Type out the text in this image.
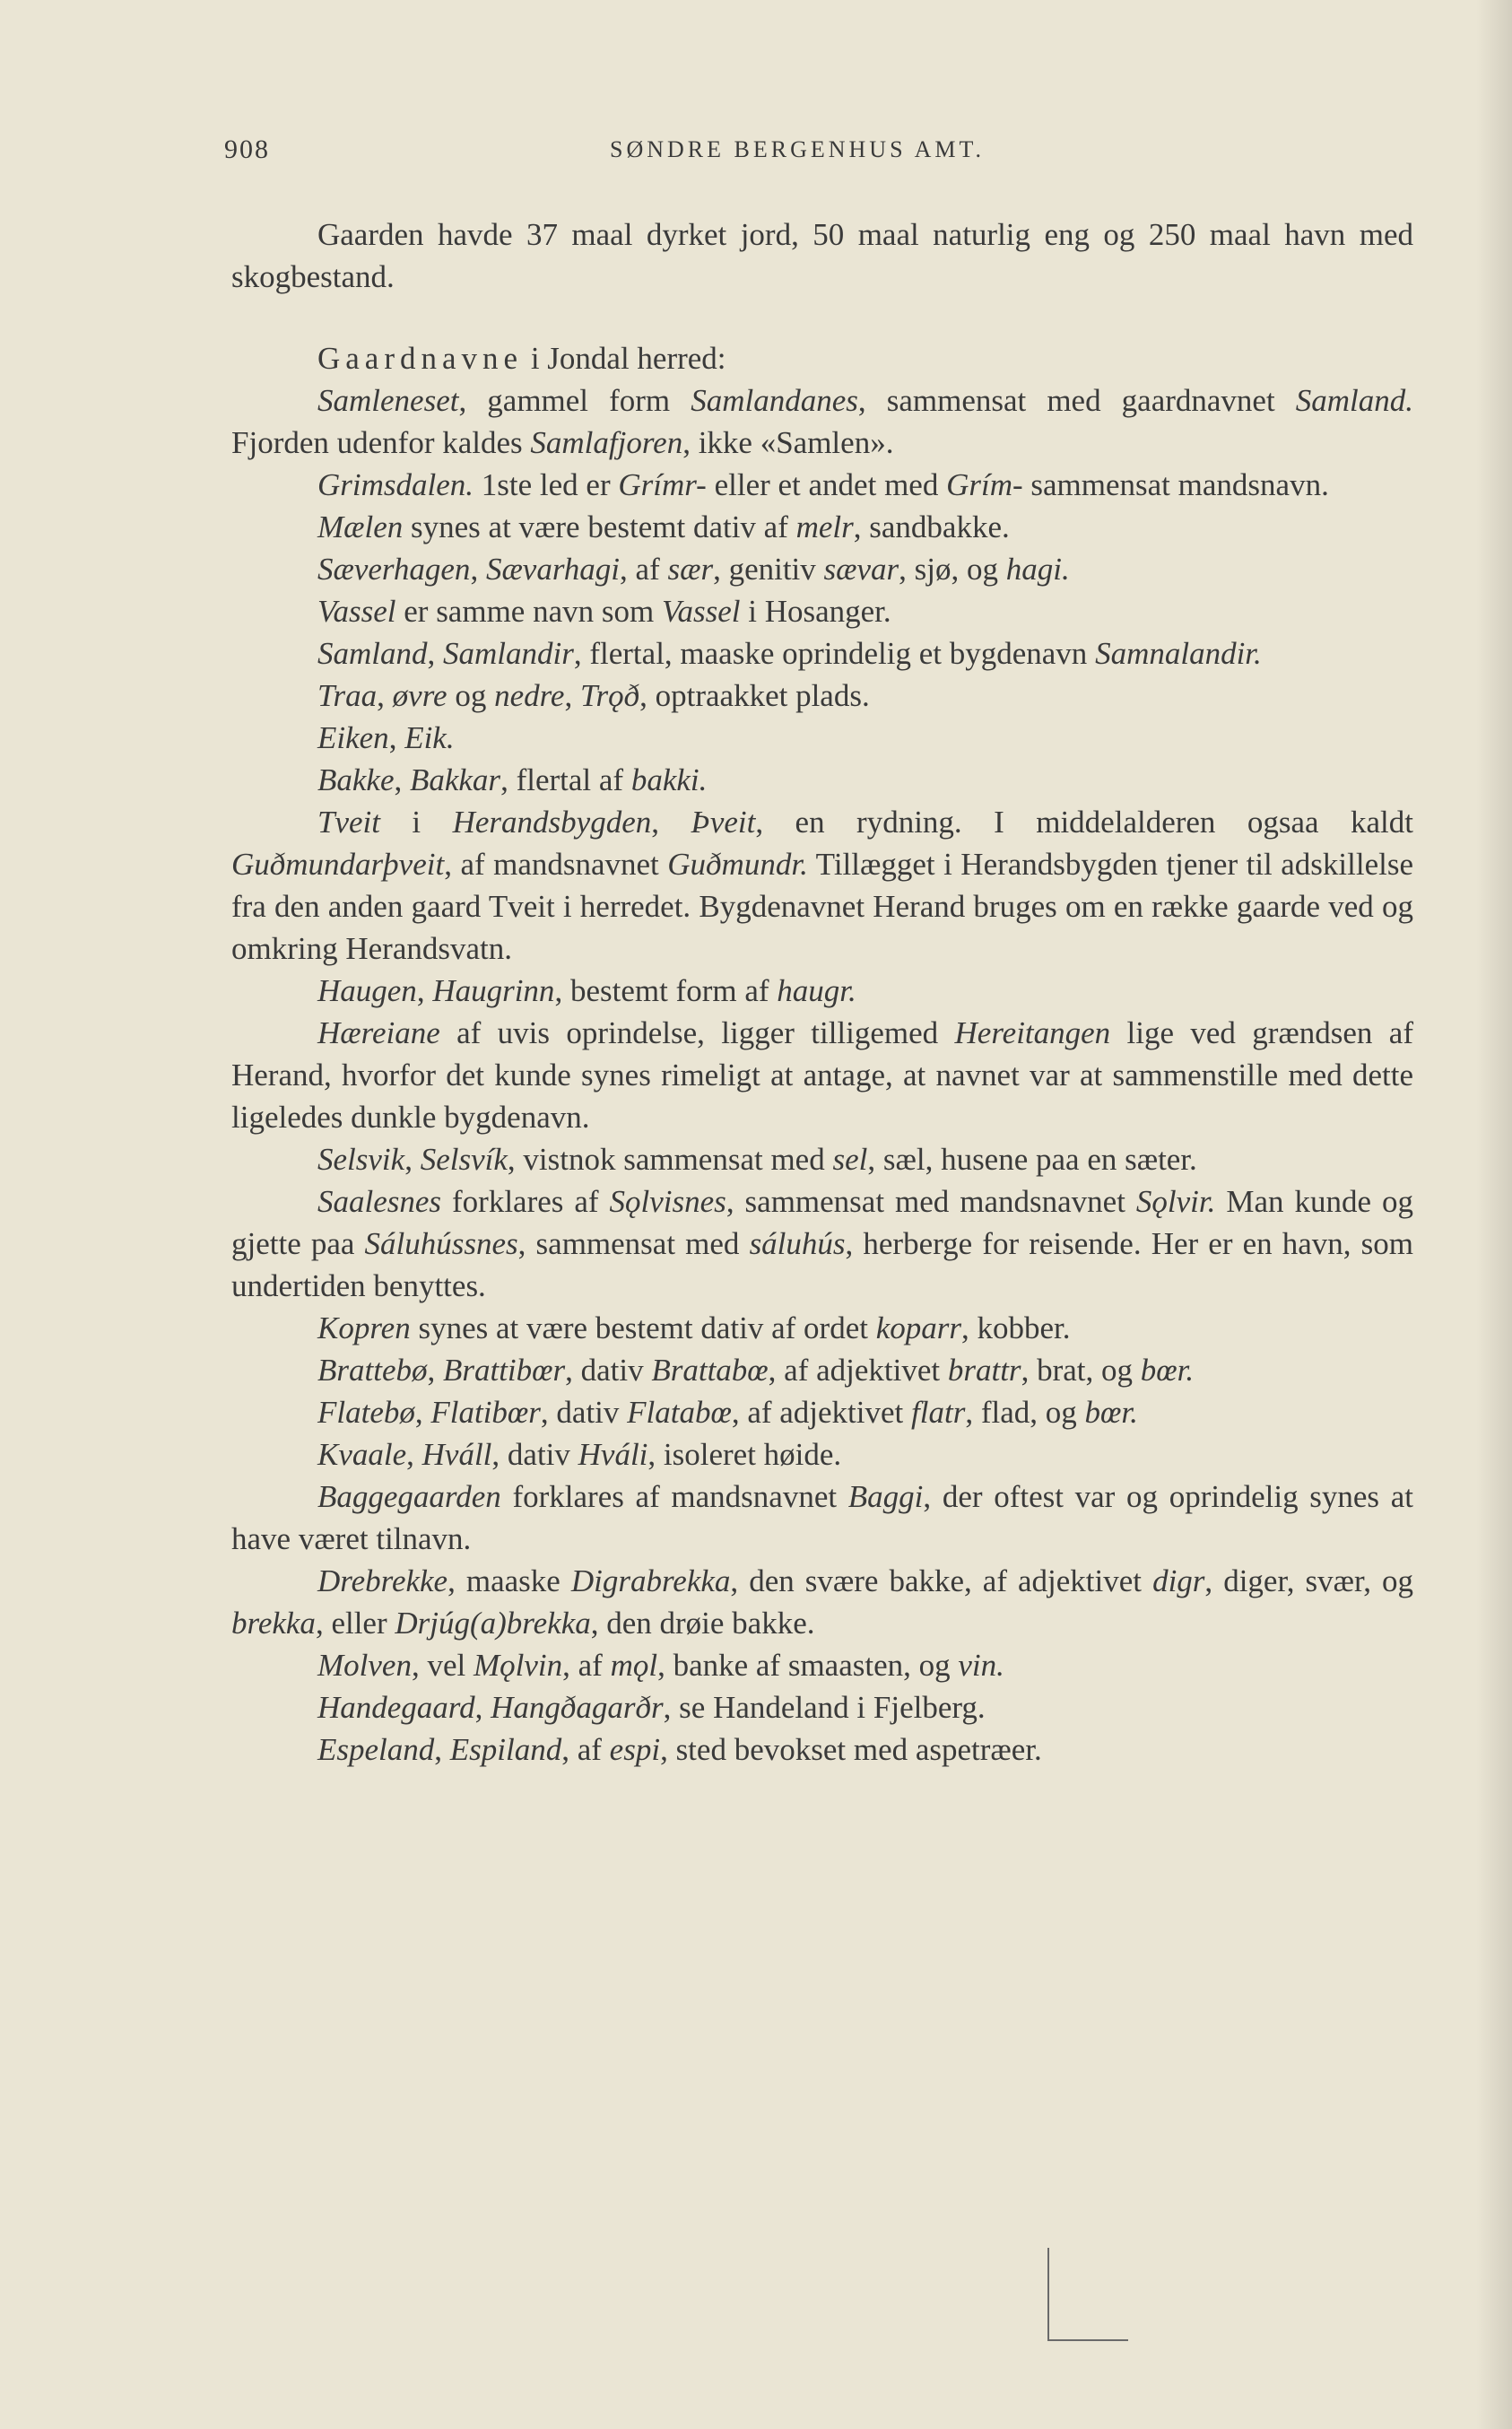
908	SØNDRE BERGENHUS AMT.

Gaarden havde 37 maal dyrket jord, 50 maal naturlig eng og 250 maal havn med skogbestand.

Gaardnavne i Jondal herred:

Samleneset, gammel form Samlandanes, sammensat med gaardnavnet Samland. Fjorden udenfor kaldes Samlafjoren, ikke «Samlen».

Grimsdalen. 1ste led er Grímr- eller et andet med Grím- sammensat mandsnavn.

Mælen synes at være bestemt dativ af melr, sandbakke.

Sæverhagen, Sævarhagi, af sær, genitiv sævar, sjø, og hagi.

Vassel er samme navn som Vassel i Hosanger.

Samland, Samlandir, flertal, maaske oprindelig et bygdenavn Samnalandir.

Traa, øvre og nedre, Trǫð, optraakket plads.

Eiken, Eik.

Bakke, Bakkar, flertal af bakki.

Tveit i Herandsbygden, Þveit, en rydning. I middelalderen ogsaa kaldt Guðmundarþveit, af mandsnavnet Guðmundr. Tillægget i Herandsbygden tjener til adskillelse fra den anden gaard Tveit i herredet. Bygdenavnet Herand bruges om en række gaarde ved og omkring Herandsvatn.

Haugen, Haugrinn, bestemt form af haugr.

Hæreiane af uvis oprindelse, ligger tilligemed Hereitangen lige ved grændsen af Herand, hvorfor det kunde synes rimeligt at antage, at navnet var at sammenstille med dette ligeledes dunkle bygdenavn.

Selsvik, Selsvík, vistnok sammensat med sel, sæl, husene paa en sæter.

Saalesnes forklares af Sǫlvisnes, sammensat med mandsnavnet Sǫlvir. Man kunde og gjette paa Sáluhússnes, sammensat med sáluhús, herberge for reisende. Her er en havn, som undertiden benyttes.

Kopren synes at være bestemt dativ af ordet koparr, kobber.

Brattebø, Brattibœr, dativ Brattabœ, af adjektivet brattr, brat, og bœr.

Flatebø, Flatibœr, dativ Flatabœ, af adjektivet flatr, flad, og bœr.

Kvaale, Hváll, dativ Hváli, isoleret høide.

Baggegaarden forklares af mandsnavnet Baggi, der oftest var og oprindelig synes at have været tilnavn.

Drebrekke, maaske Digrabrekka, den svære bakke, af adjektivet digr, diger, svær, og brekka, eller Drjúg(a)brekka, den drøie bakke.

Molven, vel Mǫlvin, af mǫl, banke af smaasten, og vin.

Handegaard, Hangðagarðr, se Handeland i Fjelberg.

Espeland, Espiland, af espi, sted bevokset med aspetræer.
